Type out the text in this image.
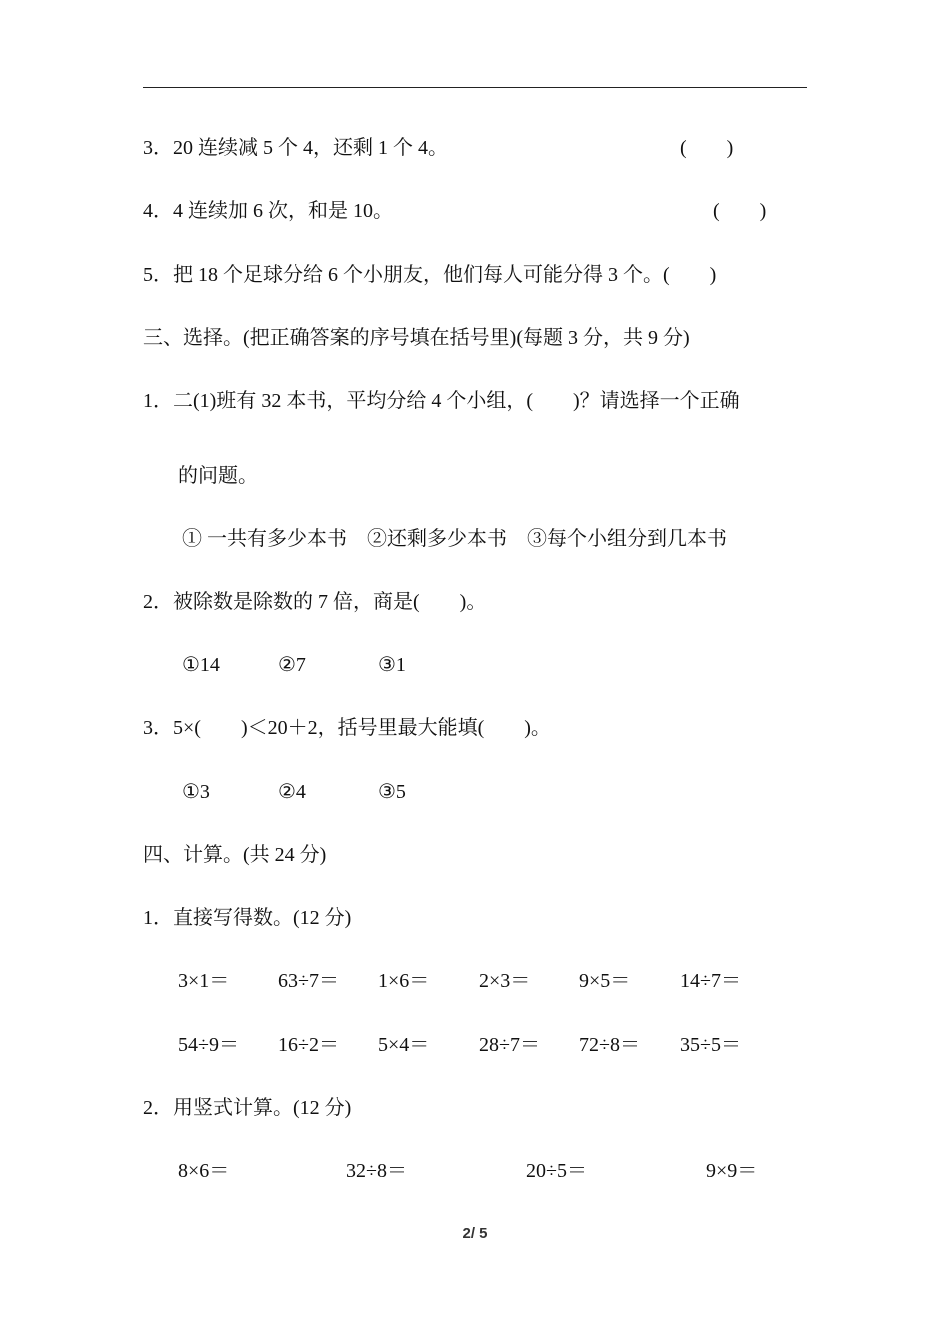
3．20 连续减 5 个 4，还剩 1 个 4。	(　　)
4．4 连续加 6 次，和是 10。	(　　)
5．把 18 个足球分给 6 个小朋友，他们每人可能分得 3 个。(　　)
三、选择。(把正确答案的序号填在括号里)(每题 3 分，共 9 分)
1．二(1)班有 32 本书，平均分给 4 个小组，(　　)？请选择一个正确
的问题。
① 一共有多少本书　②还剩多少本书　③每个小组分到几本书
2．被除数是除数的 7 倍，商是(　　)。
①14	②7	③1
3．5×(　　)＜20＋2，括号里最大能填(　　)。
①3	②4	③5
四、计算。(共 24 分)
1．直接写得数。(12 分)
3×1＝ 63÷7＝ 1×6＝ 2×3＝ 9×5＝ 14÷7＝
54÷9＝ 16÷2＝ 5×4＝ 28÷7＝ 72÷8＝ 35÷5＝
2．用竖式计算。(12 分)
8×6＝	32÷8＝	20÷5＝	9×9＝
2/ 5
